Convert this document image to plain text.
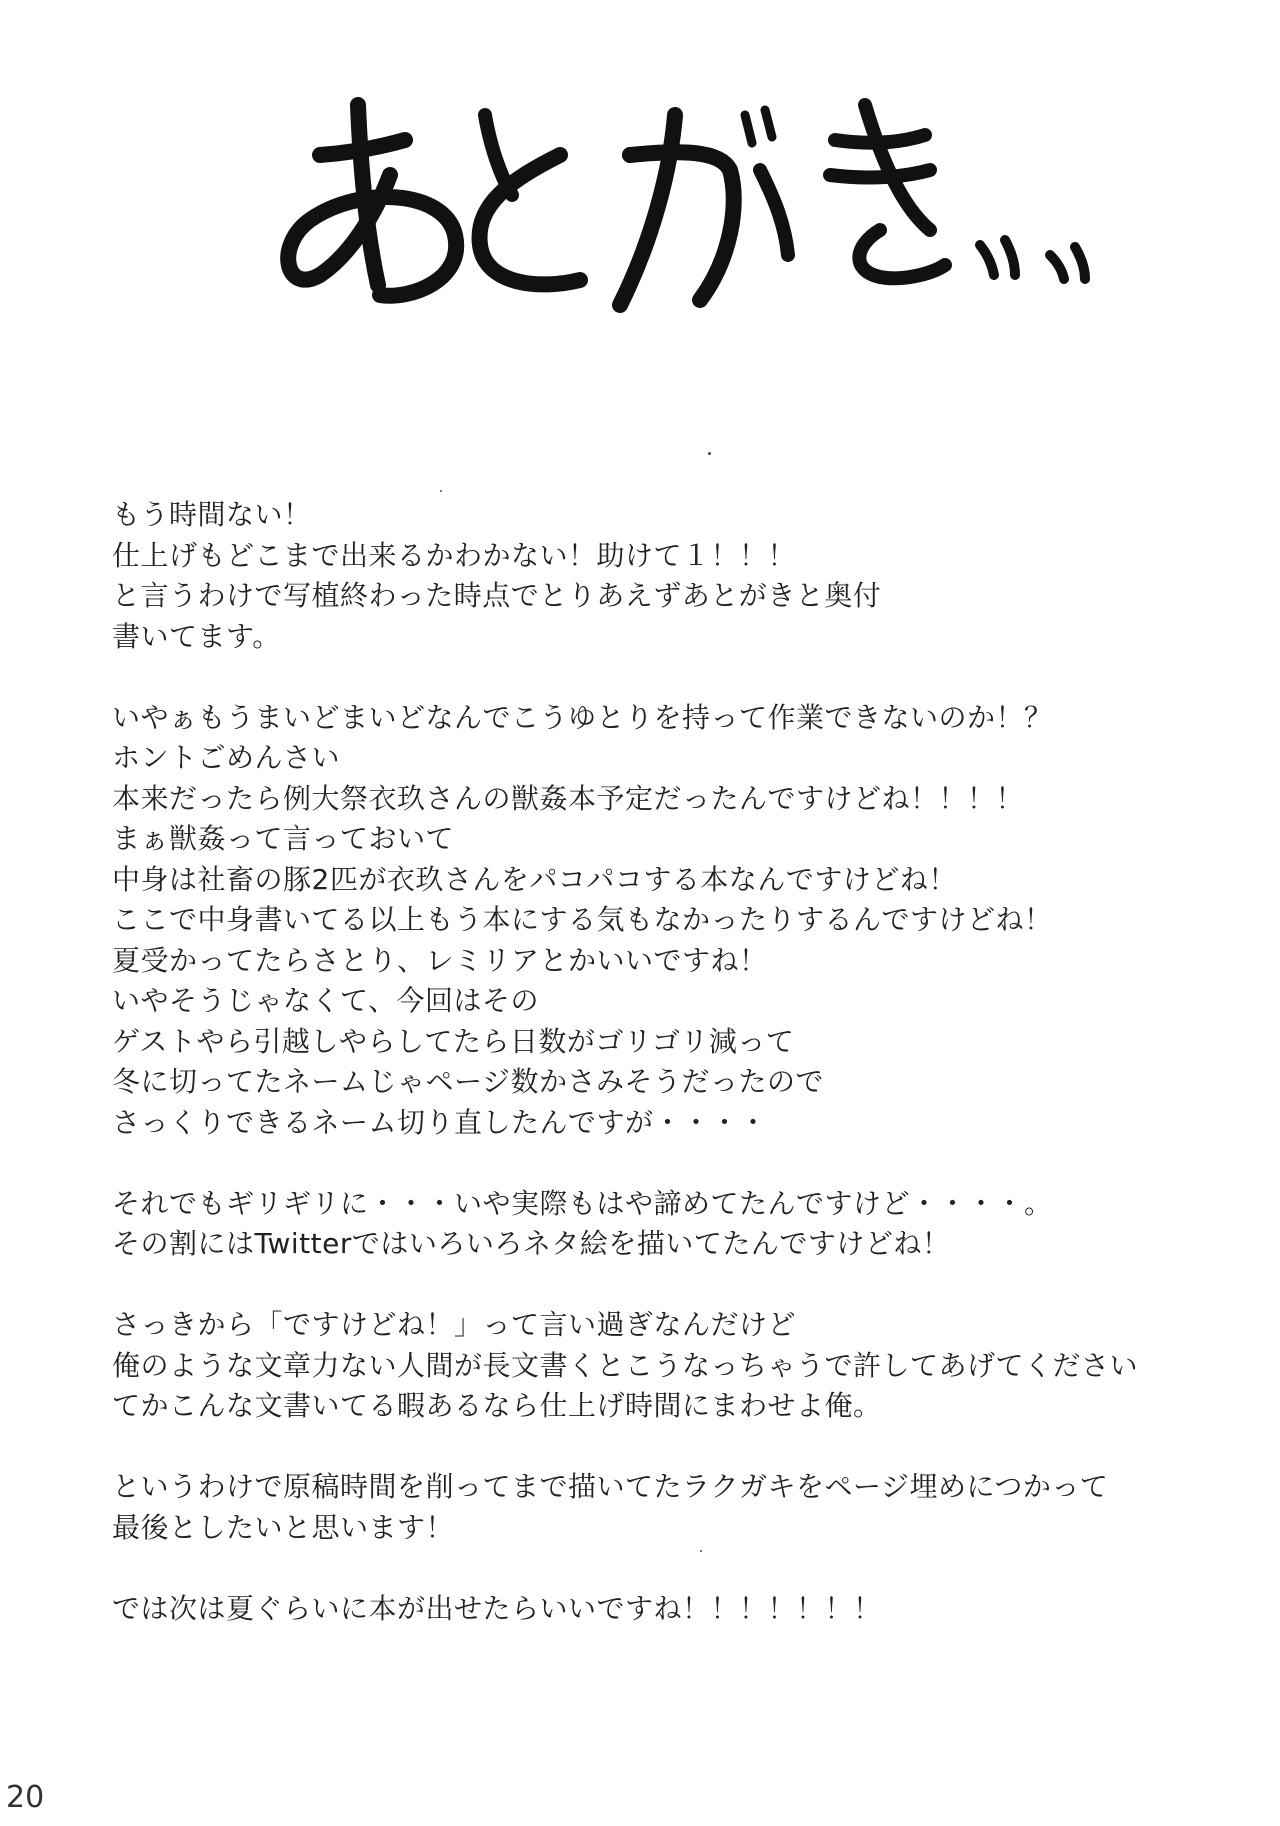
もう時間ない！
仕上げもどこまで出来るかわかない！助けて１！！！
と言うわけで写植終わった時点でとりあえずあとがきと奥付
書いてます。
いやぁもうまいどまいどなんでこうゆとりを持って作業できないのか！？
ホントごめんさい
本来だったら例大祭衣玖さんの獣姦本予定だったんですけどね！！！！
まぁ獣姦って言っておいて
中身は社畜の豚2匹が衣玖さんをパコパコする本なんですけどね！
ここで中身書いてる以上もう本にする気もなかったりするんですけどね！
夏受かってたらさとり、レミリアとかいいですね！
いやそうじゃなくて、今回はその
ゲストやら引越しやらしてたら日数がゴリゴリ減って
冬に切ってたネームじゃページ数かさみそうだったので
さっくりできるネーム切り直したんですが・・・・
それでもギリギリに・・・いや実際もはや諦めてたんですけど・・・・。
その割にはTwitterではいろいろネタ絵を描いてたんですけどね！
さっきから「ですけどね！」って言い過ぎなんだけど
俺のような文章力ない人間が長文書くとこうなっちゃうで許してあげてください
てかこんな文書いてる暇あるなら仕上げ時間にまわせよ俺。
というわけで原稿時間を削ってまで描いてたラクガキをページ埋めにつかって
最後としたいと思います！
では次は夏ぐらいに本が出せたらいいですね！！！！！！！
20
